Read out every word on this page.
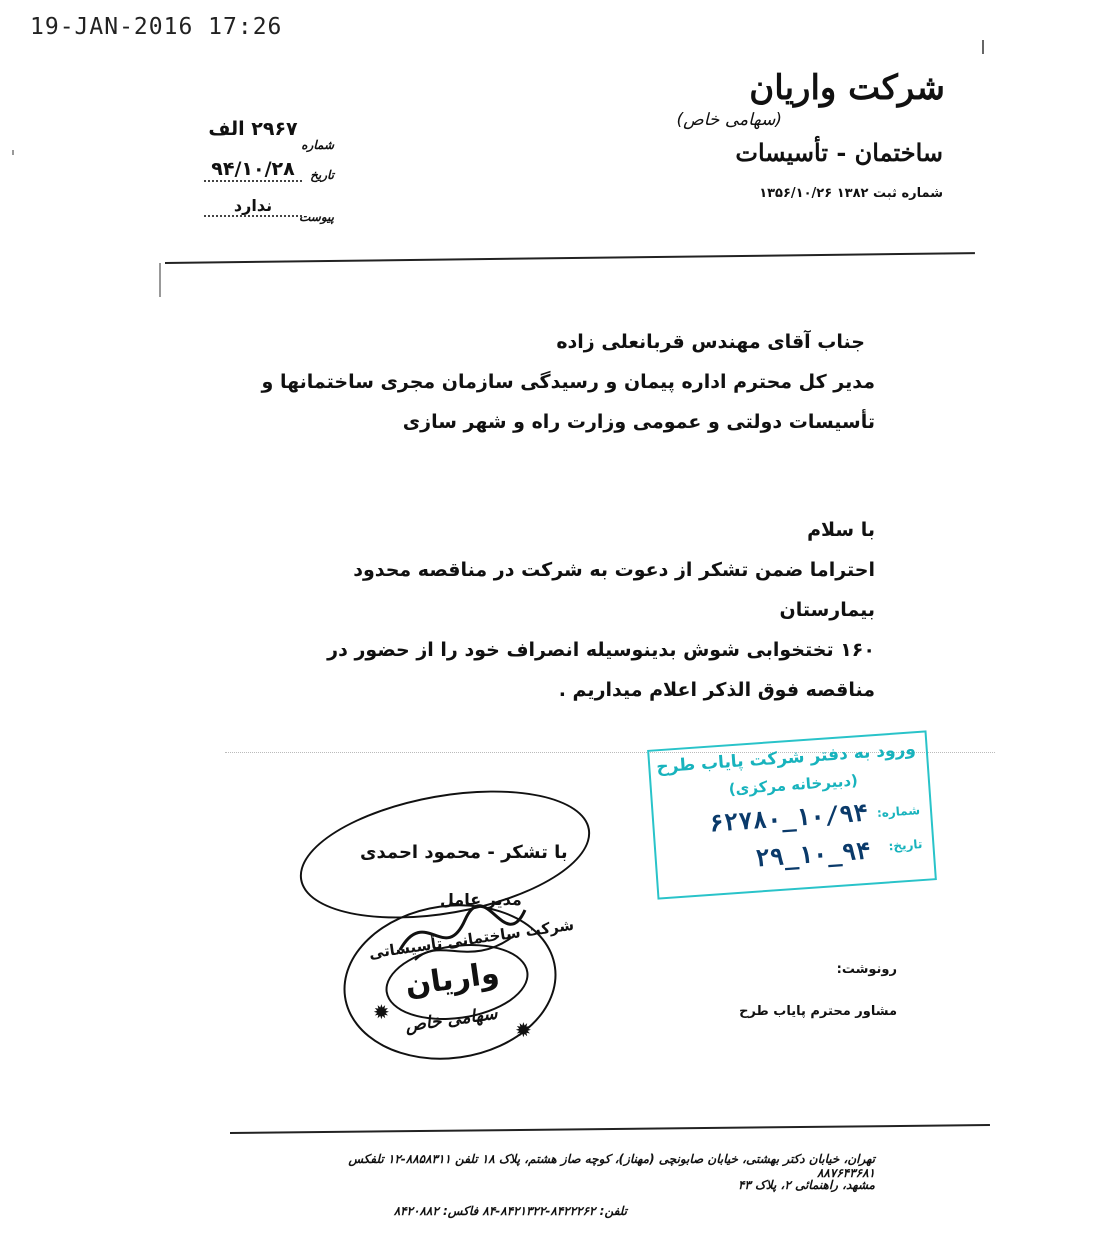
19-JAN-2016 17:26
شرکت واریان
(سهامی خاص)
ساختمان - تأسیسات
شماره ثبت ۱۳۸۲ ۱۳۵۶/۱۰/۲۶
۲۹۶۷ الف
شماره
۹۴/۱۰/۲۸	تاریخ
ندارد
پیوست
جناب آقای مهندس قربانعلی زاده
مدیر کل محترم اداره پیمان و رسیدگی سازمان مجری ساختمانها و
تأسیسات دولتی و عمومی وزارت راه و شهر سازی
با سلام
احتراما ضمن تشکر از دعوت به شرکت در مناقصه محدود بیمارستان
۱۶۰ تختخوابی شوش بدینوسیله انصراف خود را از حضور در
مناقصه فوق الذکر اعلام میداریم .
ورود به دفتر شرکت پایاب طرح
(دبیرخانه مرکزی)
شماره:
۱۰/۹۴_۶۲۷۸۰
تاریخ:
۹۴_۱۰_۲۹
با تشکر - محمود احمدی
مدیر عامل
شرکت ساختمانی تأسیساتی
واریان
سهامی خاص
✹
✹
رونوشت:
مشاور محترم پایاب طرح
تهران، خیابان دکتر بهشتی، خیابان صابونچی (مهناز)، کوچه صاز هشتم، پلاک ۱۸ تلفن ۸۸۵۸۳۱۱-۱۲ تلفکس ۸۸۷۶۴۳۶۸۱
مشهد، راهنمائی ۲، پلاک ۴۳
تلفن: ۸۴۲۲۲۶۲-۸۴۲۱۳۲۲-۸۴ فاکس: ۸۴۲۰۸۸۲
